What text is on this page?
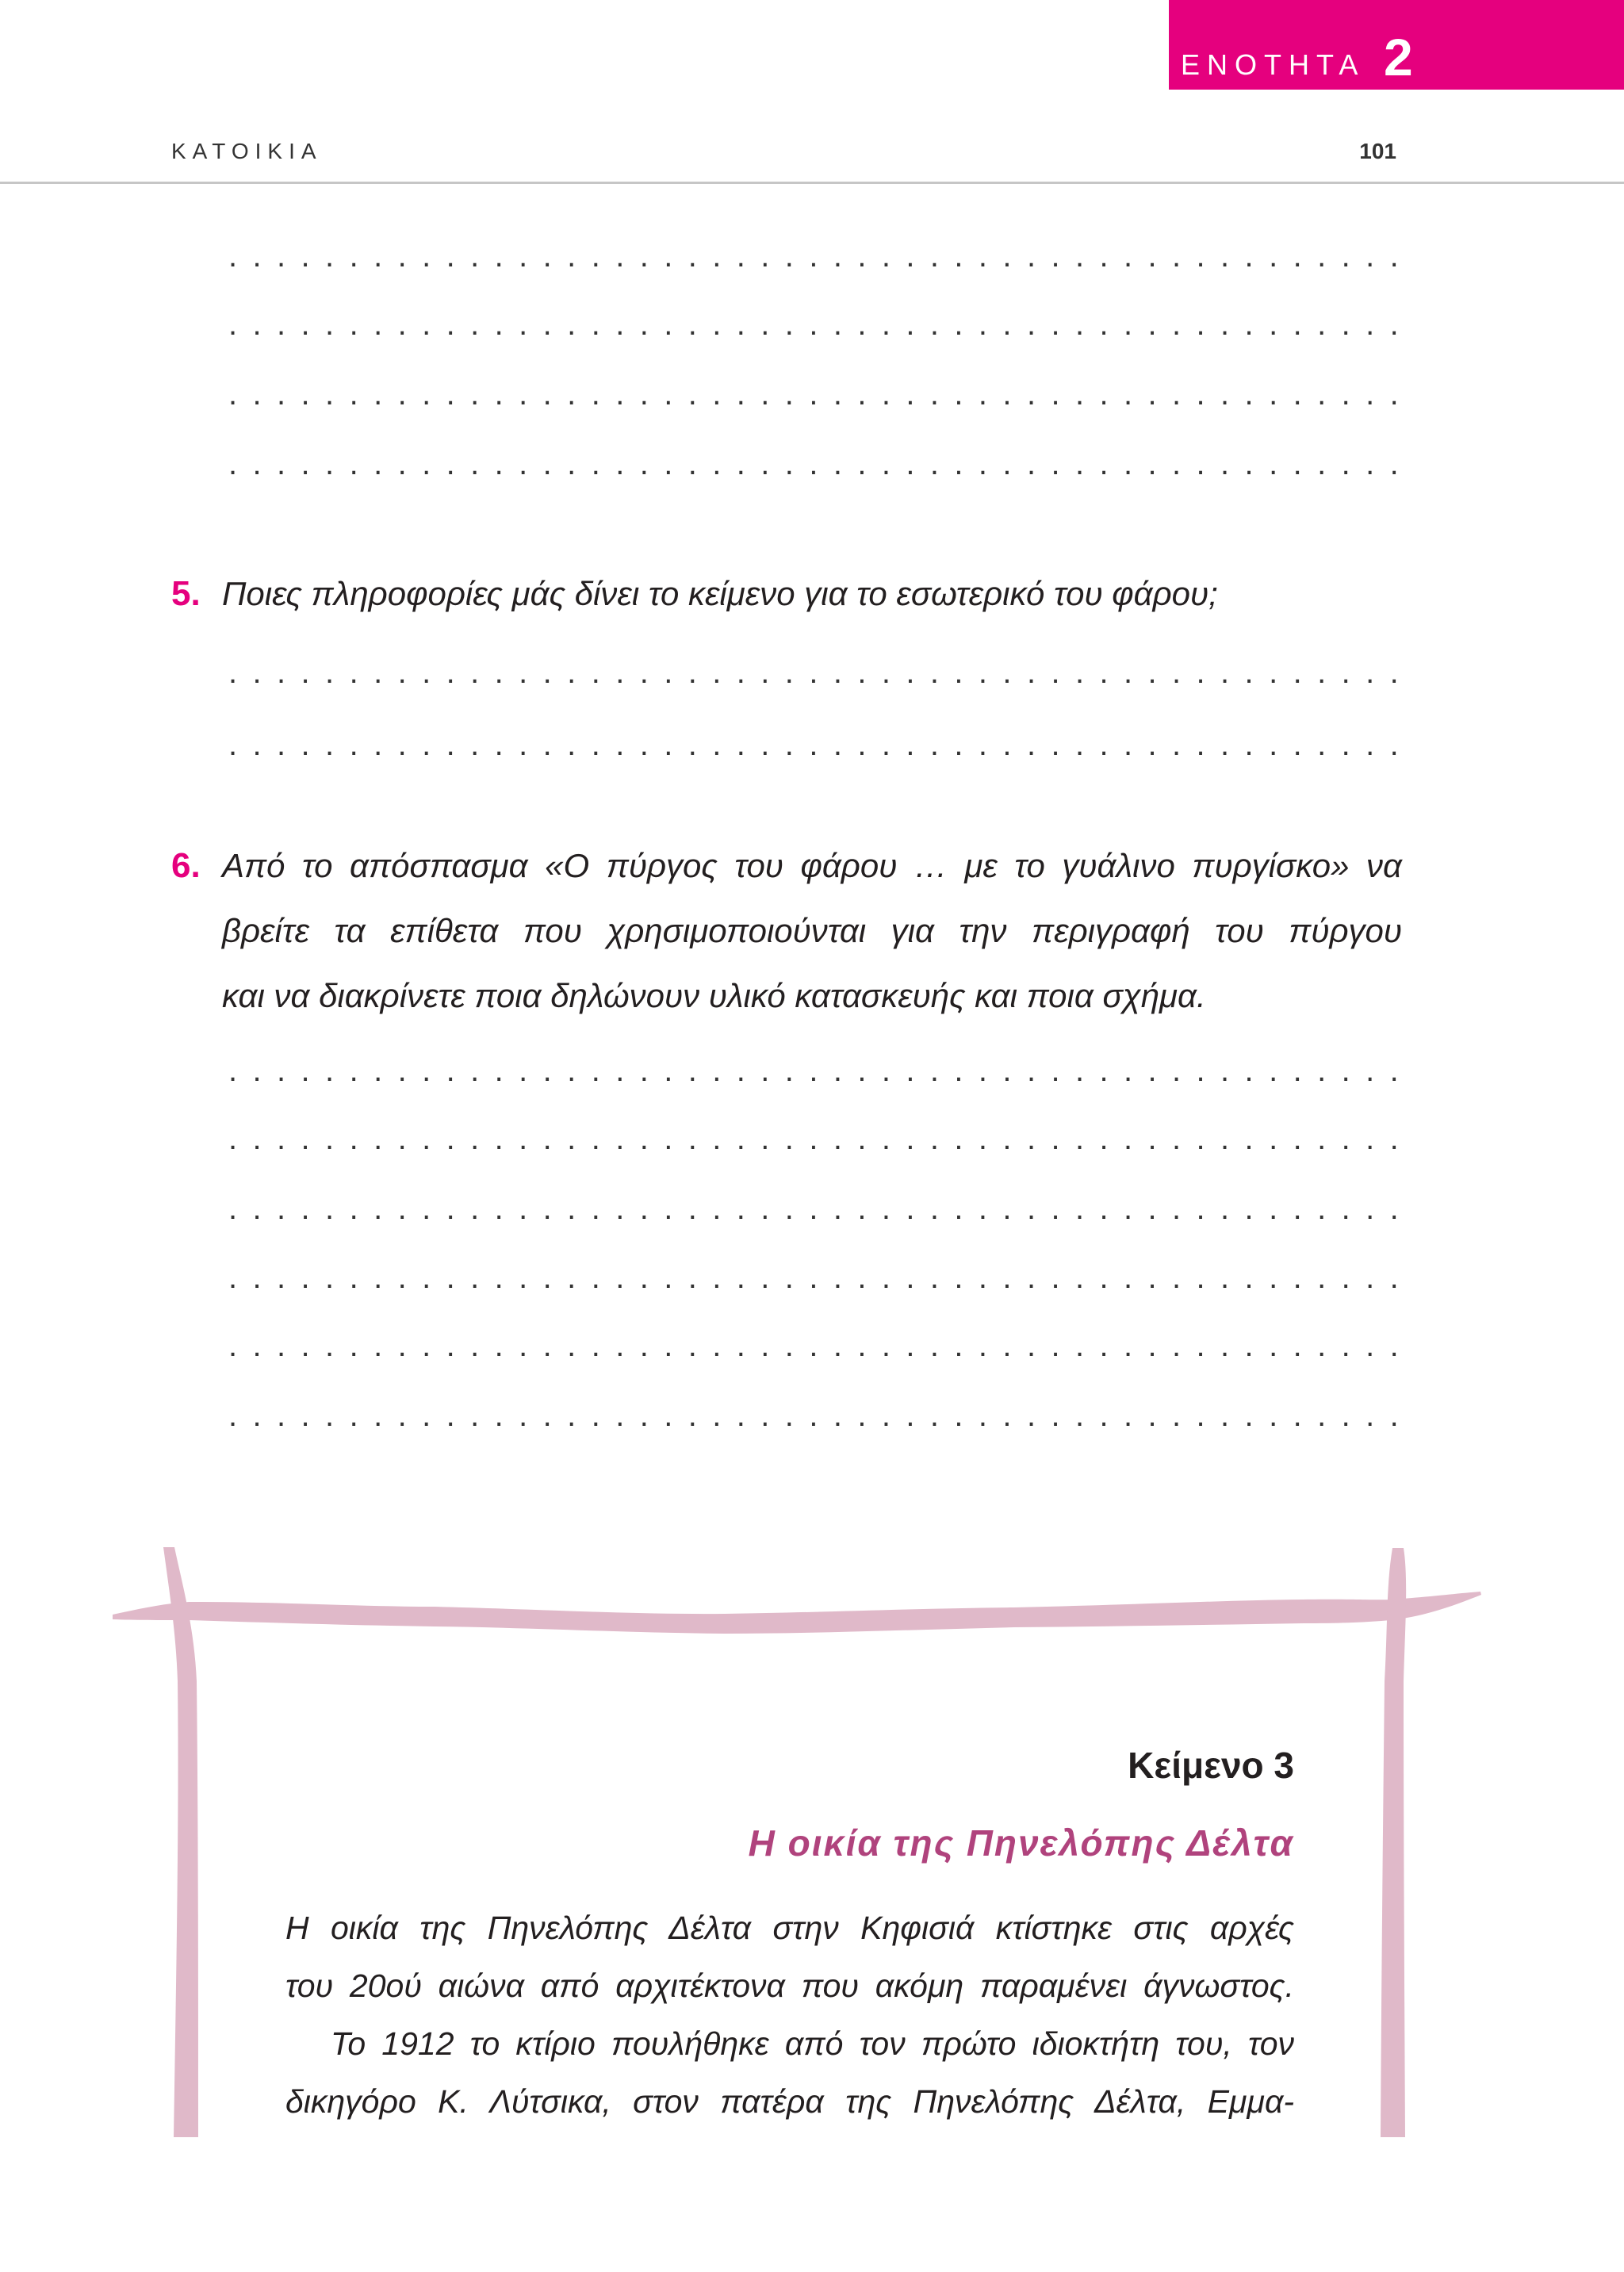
ΕΝΟΤΗΤΑ 2
ΚΑΤΟΙΚΙΑ	101
.................................................
.................................................
.................................................
.................................................
5. Ποιες πληροφορίες μάς δίνει το κείμενο για το εσωτερικό του φάρου;
.................................................
.................................................
6. Από το απόσπασμα «Ο πύργος του φάρου … με το γυάλινο πυργίσκο» να
βρείτε τα επίθετα που χρησιμοποιούνται για την περιγραφή του πύργου
και να διακρίνετε ποια δηλώνουν υλικό κατασκευής και ποια σχήμα.
.................................................
.................................................
.................................................
.................................................
.................................................
.................................................
Κείμενο 3
Η οικία της Πηνελόπης Δέλτα
Η οικία της Πηνελόπης Δέλτα στην Κηφισιά κτίστηκε στις αρχές
του 20ού αιώνα από αρχιτέκτονα που ακόμη παραμένει άγνωστος.
Το 1912 το κτίριο πουλήθηκε από τον πρώτο ιδιοκτήτη του, τον
δικηγόρο Κ. Λύτσικα, στον πατέρα της Πηνελόπης Δέλτα, Εμμα-
